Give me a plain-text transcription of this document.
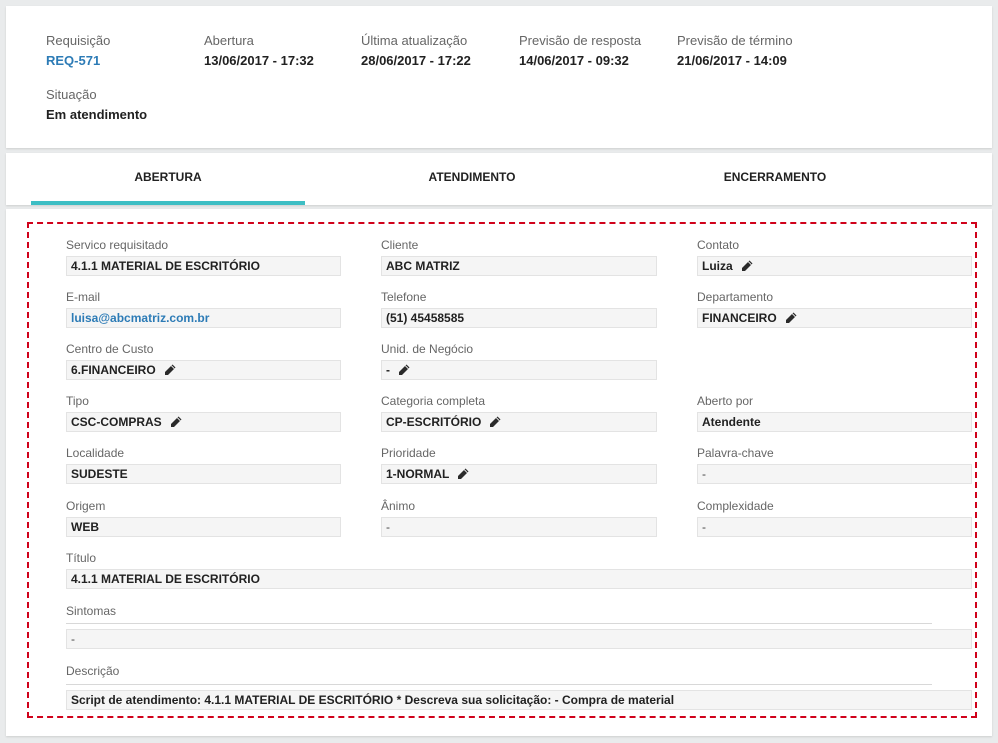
Requisição
REQ-571
Abertura
13/06/2017 - 17:32
Última atualização
28/06/2017 - 17:22
Previsão de resposta
14/06/2017 - 09:32
Previsão de término
21/06/2017 - 14:09
Situação
Em atendimento
ABERTURA	ATENDIMENTO	ENCERRAMENTO
Servico requisitado
4.1.1 MATERIAL DE ESCRITÓRIO
Cliente
ABC MATRIZ
Contato
Luiza
E-mail
luisa@abcmatriz.com.br
Telefone
(51) 45458585
Departamento
FINANCEIRO
Centro de Custo
6.FINANCEIRO
Unid. de Negócio
-
Tipo
CSC-COMPRAS
Categoria completa
CP-ESCRITÓRIO
Aberto por
Atendente
Localidade
SUDESTE
Prioridade
1-NORMAL
Palavra-chave
-
Origem
WEB
Ânimo
-
Complexidade
-
Título
4.1.1 MATERIAL DE ESCRITÓRIO
Sintomas
-
Descrição
Script de atendimento: 4.1.1 MATERIAL DE ESCRITÓRIO * Descreva sua solicitação: - Compra de material
